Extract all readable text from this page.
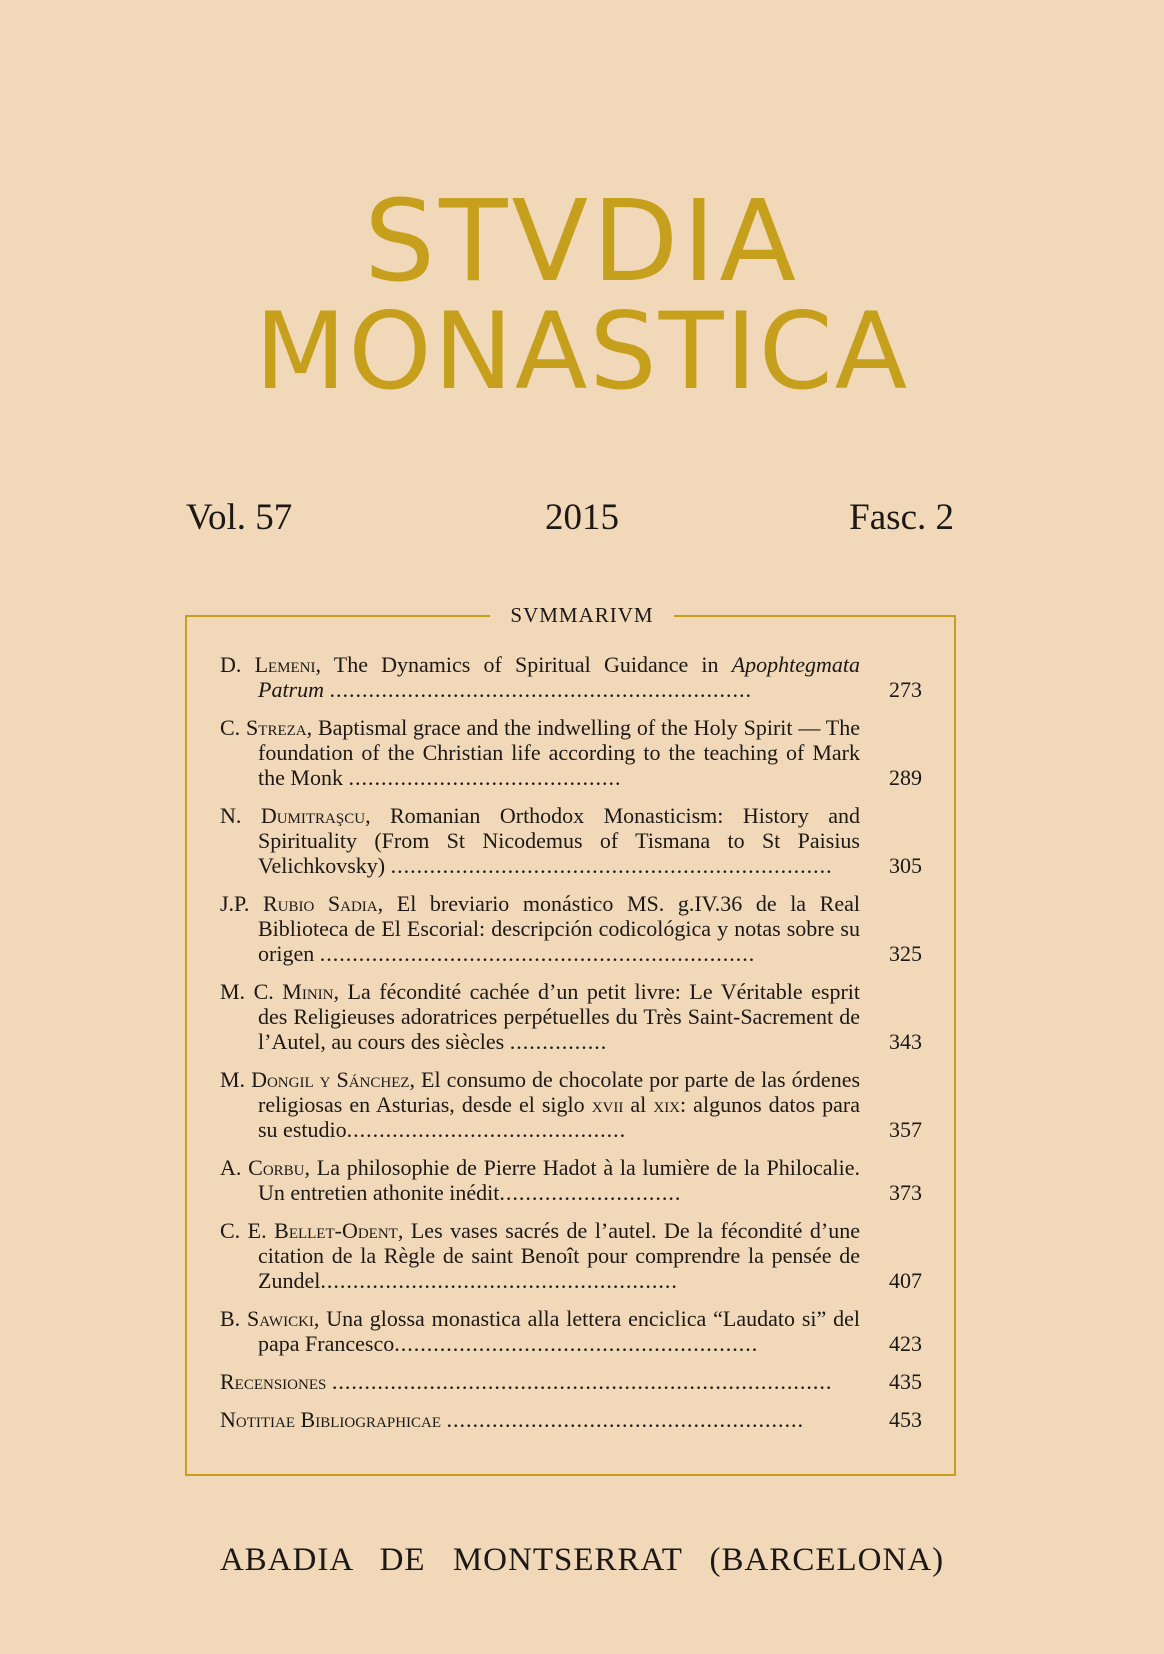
STVDIA
MONASTICA
Vol. 57	2015	Fasc. 2
SVMMARIVM
D. Lemeni, The Dynamics of Spiritual Guidance in Apophtegmata Patrum .................................................................	273
C. Streza, Baptismal grace and the indwelling of the Holy Spirit — The foundation of the Christian life according to the teaching of Mark the Monk ..........................................	289
N. Dumitraşcu, Romanian Orthodox Monasticism: History and Spirituality (From St Nicodemus of Tismana to St Paisius Velichkovsky) ....................................................................	305
J.P. Rubio Sadia, El breviario monástico MS. g.IV.36 de la Real Biblioteca de El Escorial: descripción codicológica y notas sobre su origen ...................................................................	325
M. C. Minin, La fécondité cachée d’un petit livre: Le Véritable esprit des Religieuses adoratrices perpétuelles du Très Saint-Sacrement de l’Autel, au cours des siècles ...............	343
M. Dongil y Sánchez, El consumo de chocolate por parte de las órdenes religiosas en Asturias, desde el siglo xvii al xix: algunos datos para su estudio...........................................	357
A. Corbu, La philosophie de Pierre Hadot à la lumière de la Philocalie. Un entretien athonite inédit............................	373
C. E. Bellet-Odent, Les vases sacrés de l’autel. De la fécondité d’une citation de la Règle de saint Benoît pour comprendre la pensée de Zundel.......................................................	407
B. Sawicki, Una glossa monastica alla lettera enciclica “Laudato si” del papa Francesco........................................................	423
Recensiones .............................................................................	435
Notitiae Bibliographicae .......................................................	453
ABADIA DE MONTSERRAT (BARCELONA)
